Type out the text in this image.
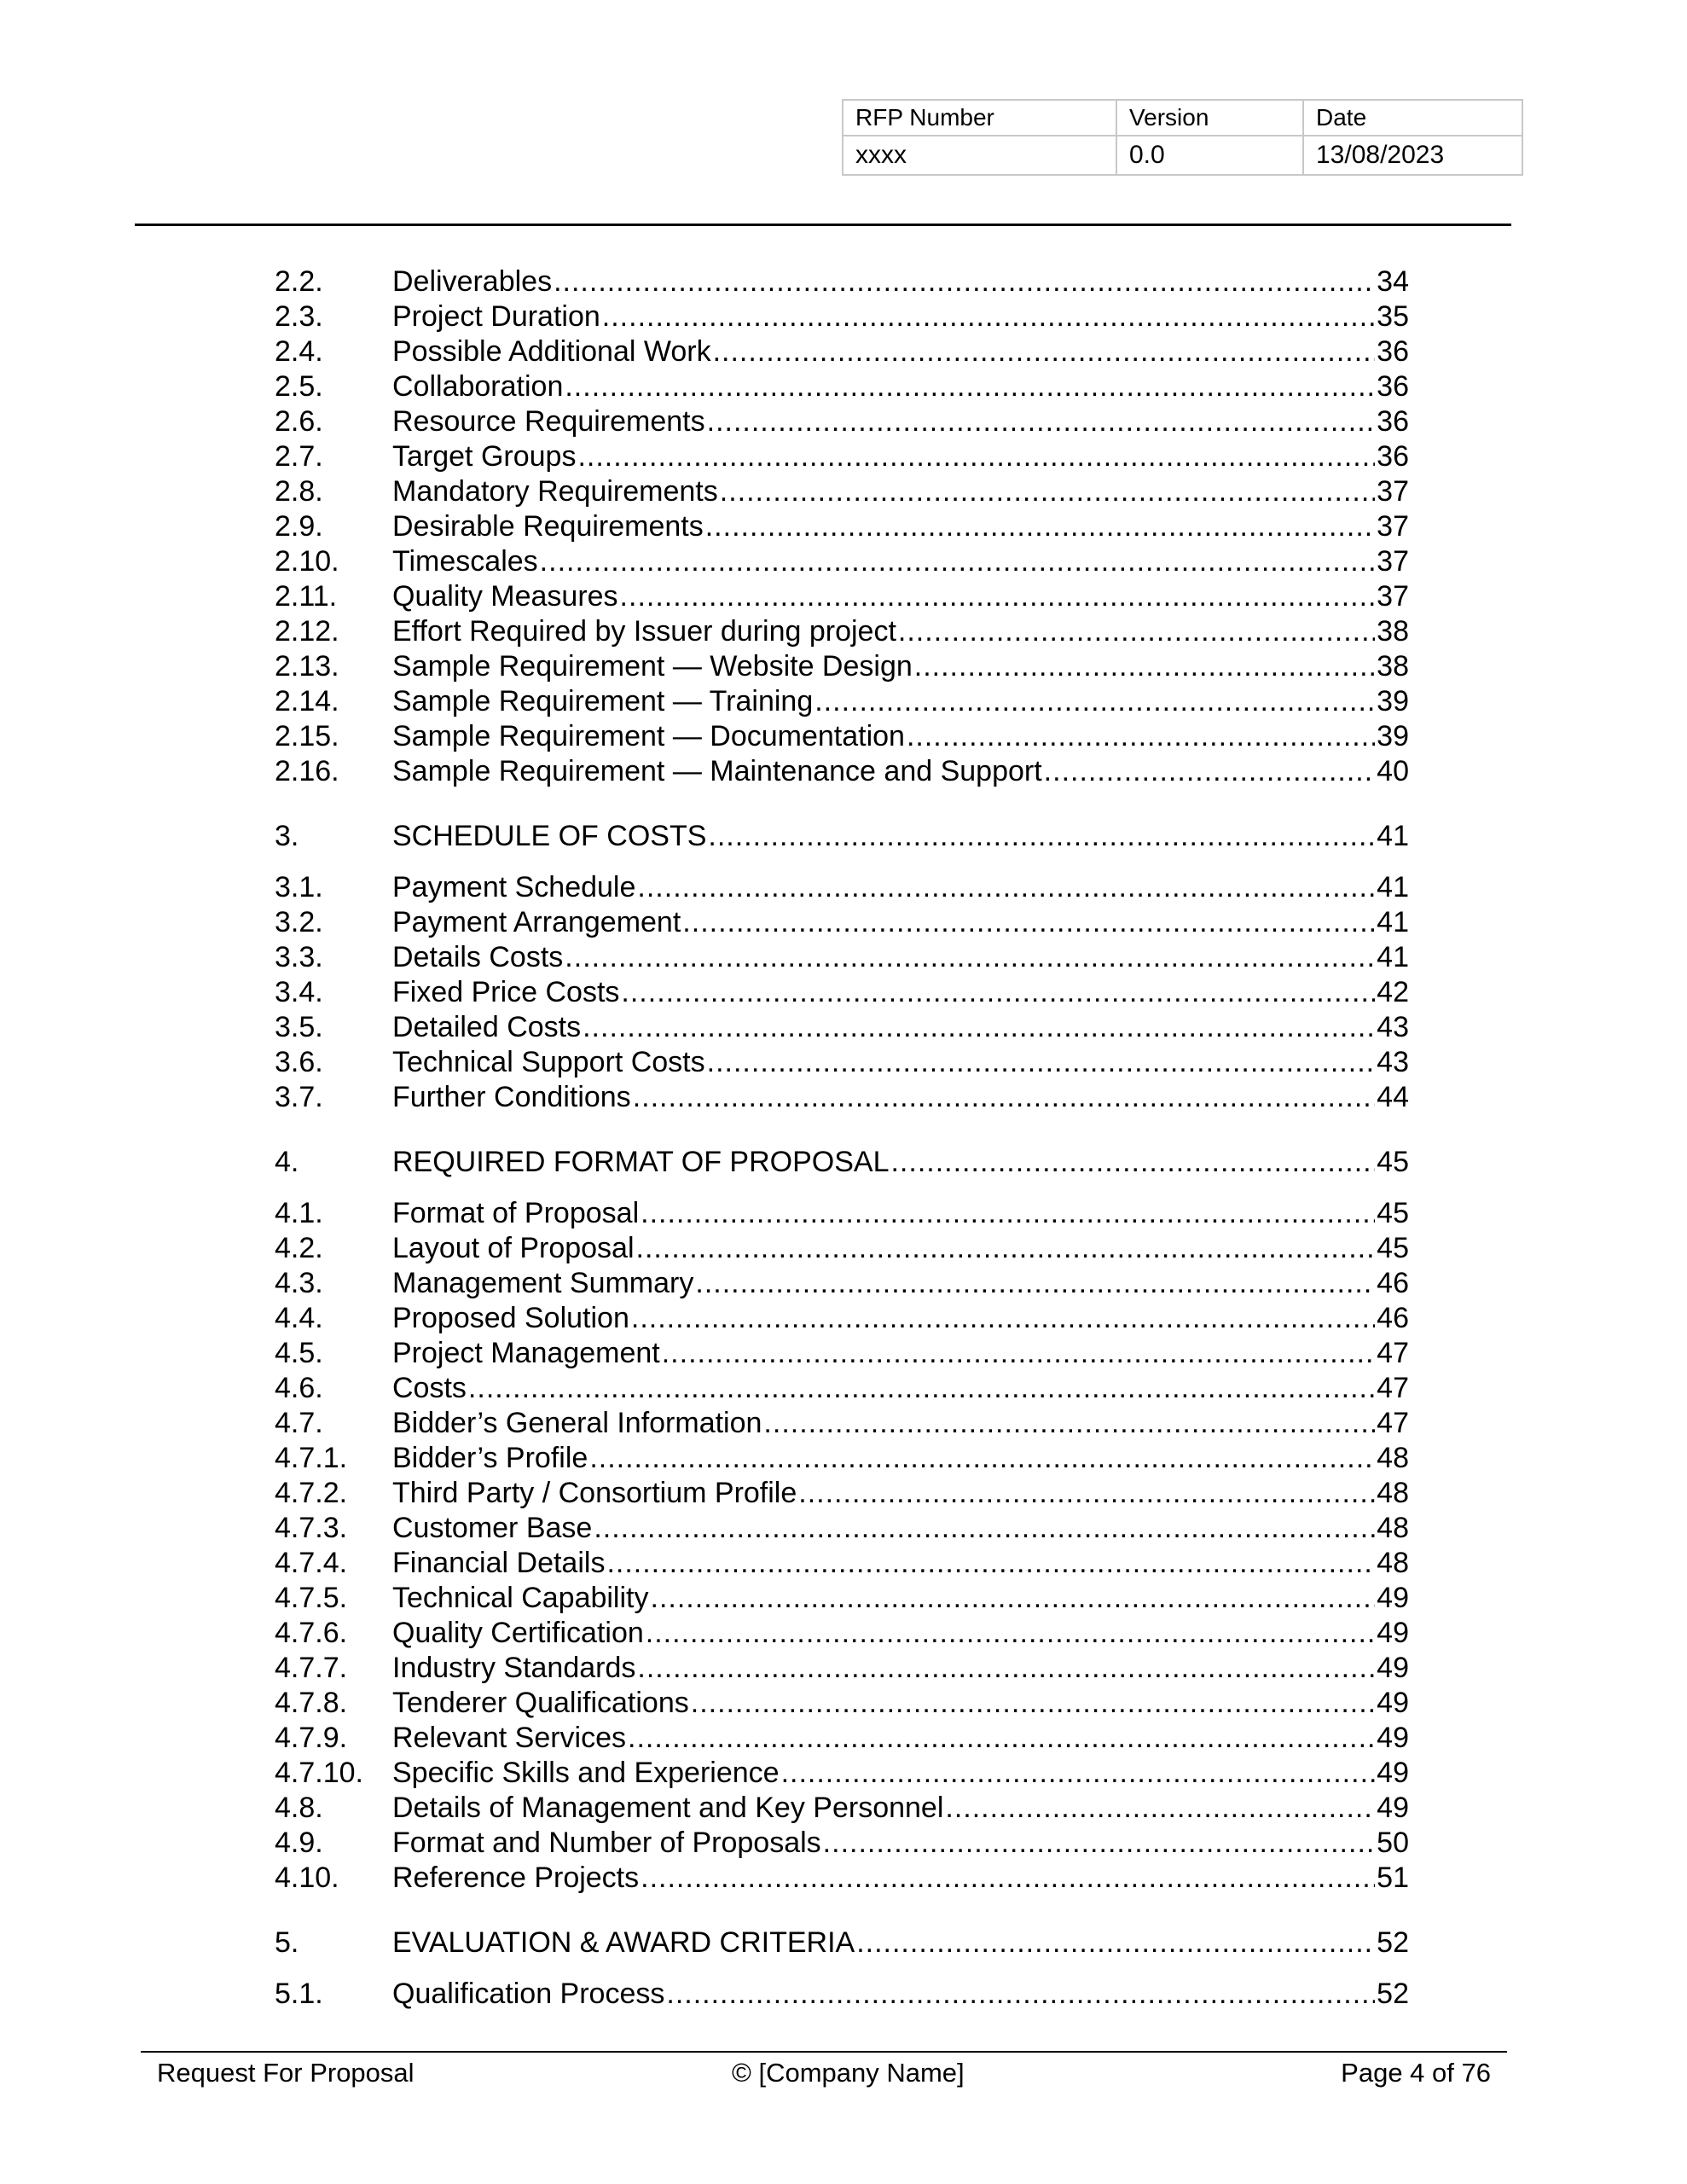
RFP Number	Version	Date
xxxx	0.0	13/08/2023
2.2.	Deliverables .....	34
2.3.	Project Duration .....	35
2.4.	Possible Additional Work .....	36
2.5.	Collaboration .....	36
2.6.	Resource Requirements .....	36
2.7.	Target Groups .....	36
2.8.	Mandatory Requirements .....	37
2.9.	Desirable Requirements .....	37
2.10.	Timescales .....	37
2.11.	Quality Measures .....	37
2.12.	Effort Required by Issuer during project .....	38
2.13.	Sample Requirement — Website Design .....	38
2.14.	Sample Requirement — Training .....	39
2.15.	Sample Requirement — Documentation .....	39
2.16.	Sample Requirement — Maintenance and Support .....	40
3.	SCHEDULE OF COSTS .....	41
3.1.	Payment Schedule .....	41
3.2.	Payment Arrangement .....	41
3.3.	Details Costs .....	41
3.4.	Fixed Price Costs .....	42
3.5.	Detailed Costs .....	43
3.6.	Technical Support Costs .....	43
3.7.	Further Conditions .....	44
4.	REQUIRED FORMAT OF PROPOSAL .....	45
4.1.	Format of Proposal .....	45
4.2.	Layout of Proposal .....	45
4.3.	Management Summary .....	46
4.4.	Proposed Solution .....	46
4.5.	Project Management .....	47
4.6.	Costs .....	47
4.7.	Bidder’s General Information .....	47
4.7.1.	Bidder’s Profile .....	48
4.7.2.	Third Party / Consortium Profile .....	48
4.7.3.	Customer Base .....	48
4.7.4.	Financial Details .....	48
4.7.5.	Technical Capability .....	49
4.7.6.	Quality Certification .....	49
4.7.7.	Industry Standards .....	49
4.7.8.	Tenderer Qualifications .....	49
4.7.9.	Relevant Services .....	49
4.7.10.	Specific Skills and Experience .....	49
4.8.	Details of Management and Key Personnel .....	49
4.9.	Format and Number of Proposals .....	50
4.10.	Reference Projects .....	51
5.	EVALUATION & AWARD CRITERIA .....	52
5.1.	Qualification Process .....	52
Request For Proposal	© [Company Name]	Page 4 of 76
